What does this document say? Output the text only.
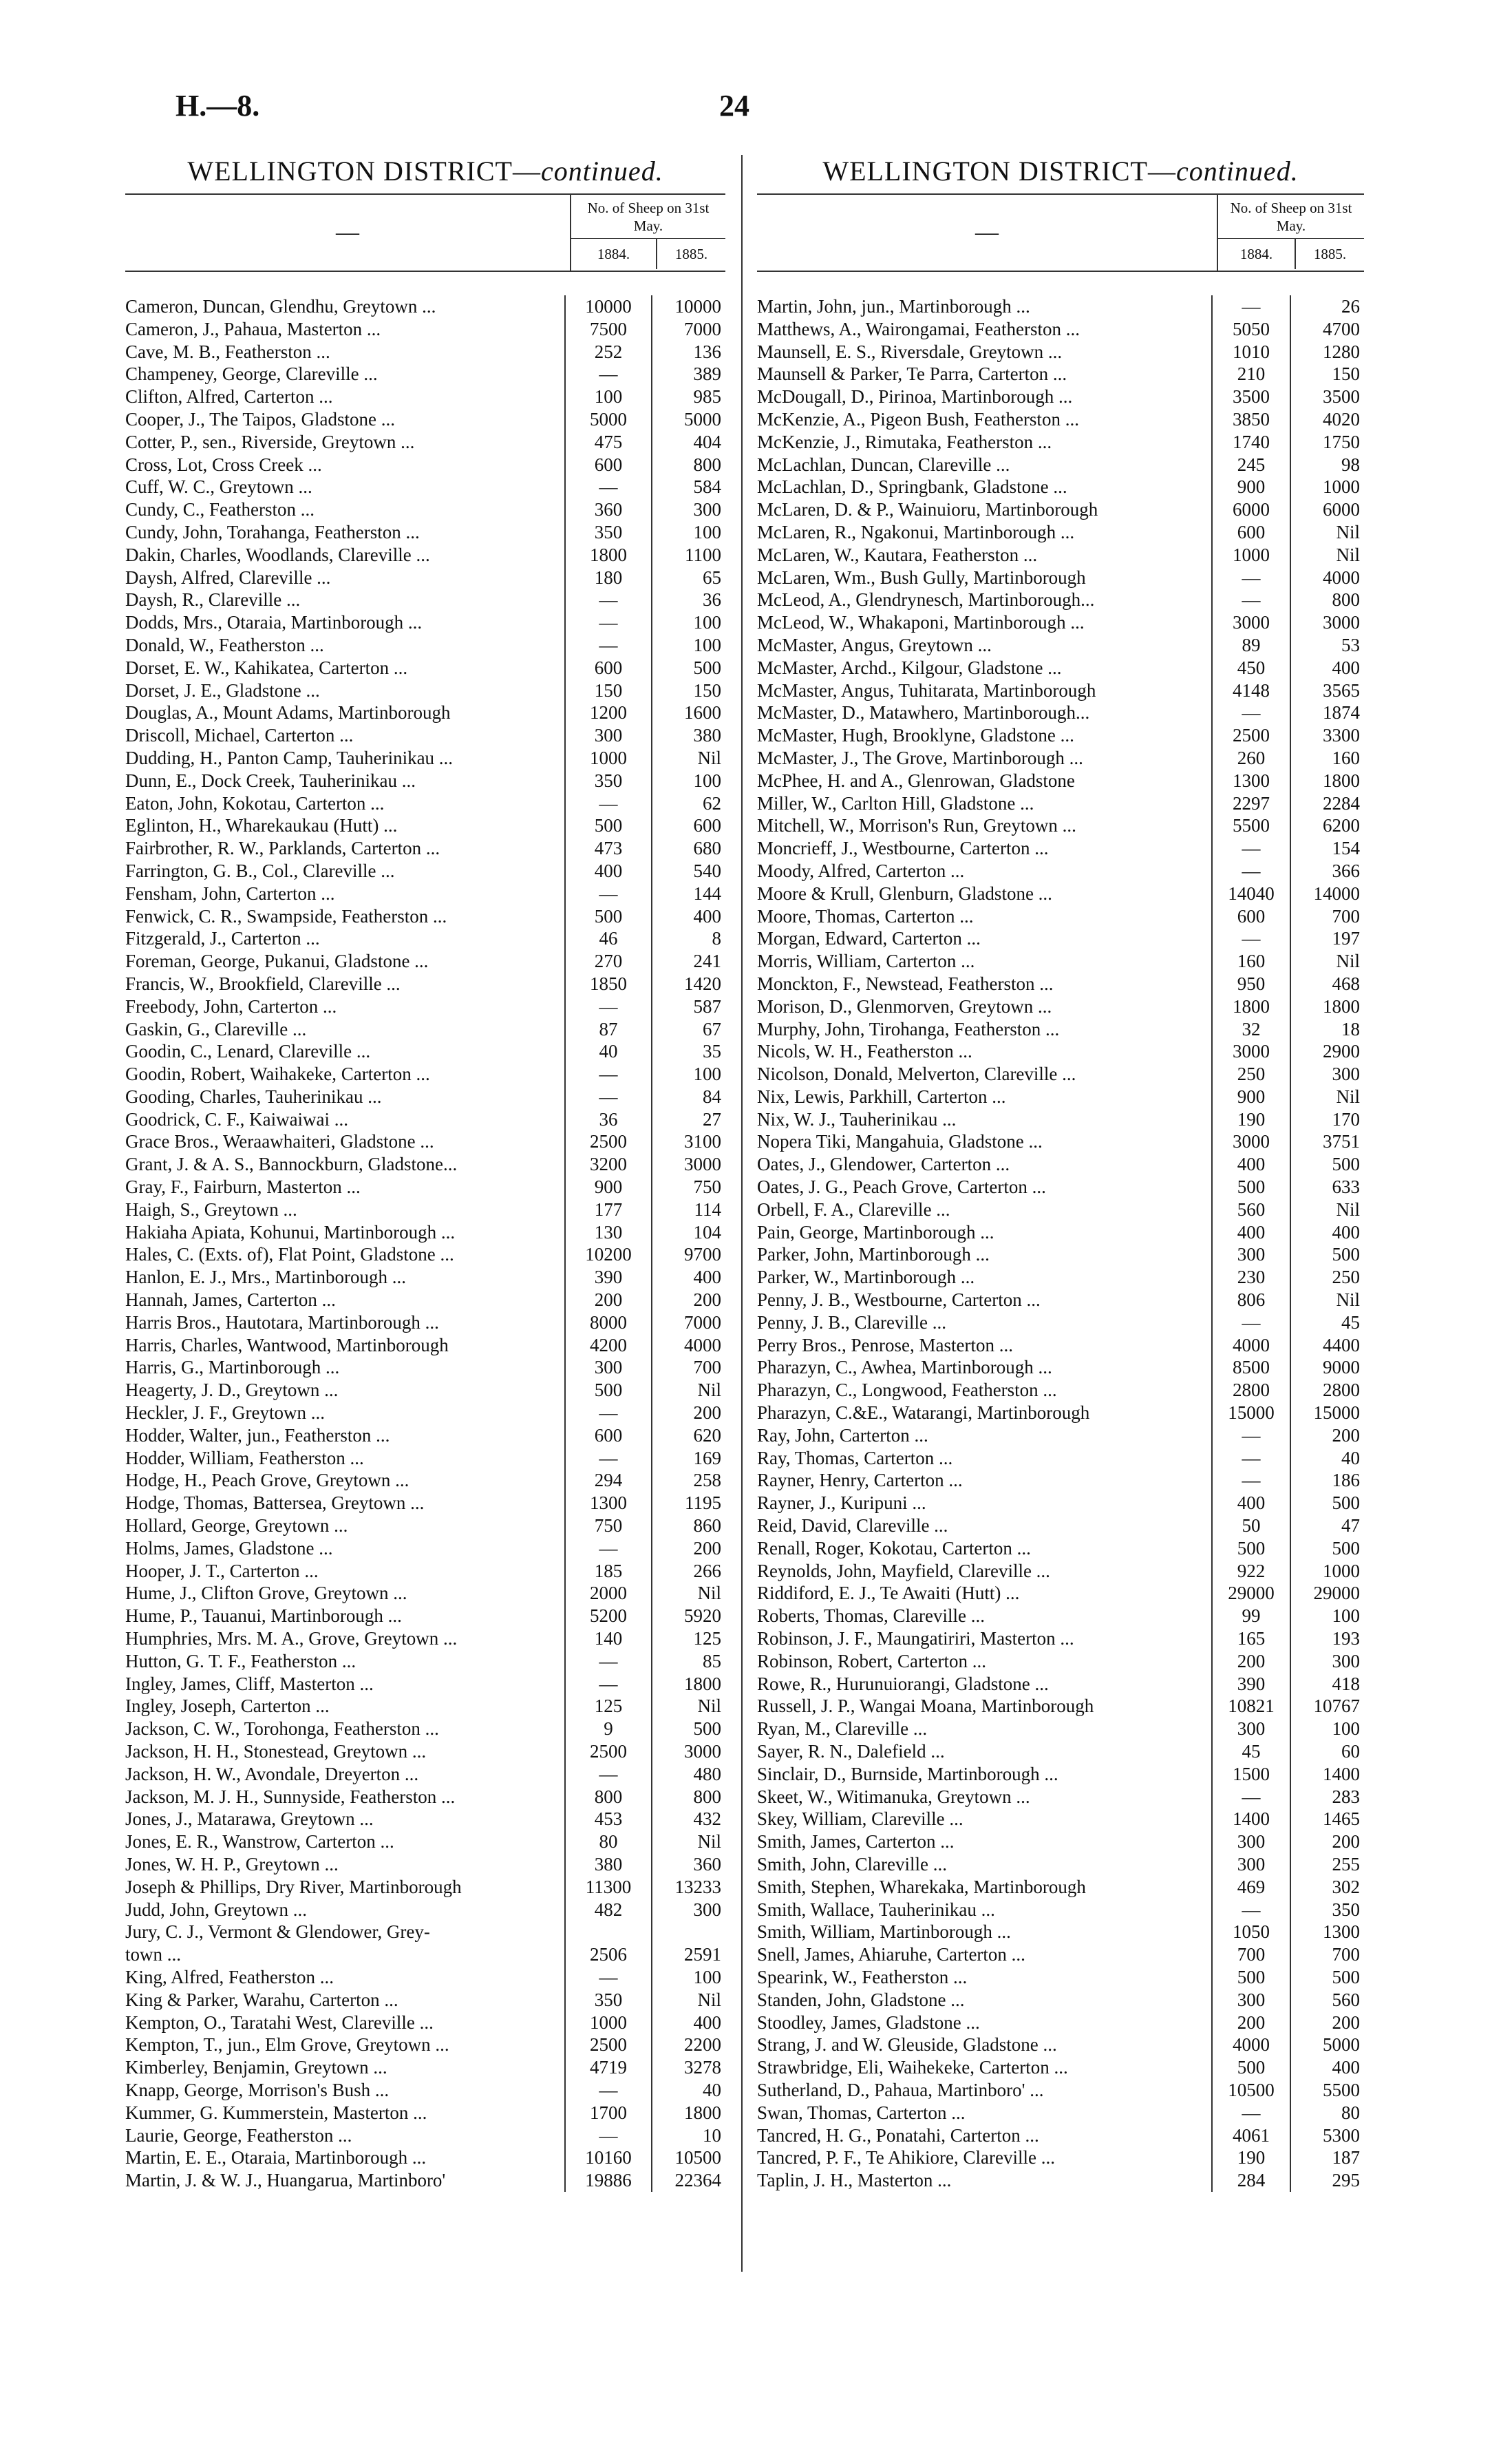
H.—8.	24
WELLINGTON DISTRICT—continued.
—
No. of Sheep on 31st May.
1884.	1885.
Cameron, Duncan, Glendhu, Greytown ...	10000	10000
Cameron, J., Pahaua, Masterton ...	7500	7000
Cave, M. B., Featherston ...	252	136
Champeney, George, Clareville ...	—	389
Clifton, Alfred, Carterton ...	100	985
Cooper, J., The Taipos, Gladstone ...	5000	5000
Cotter, P., sen., Riverside, Greytown ...	475	404
Cross, Lot, Cross Creek ...	600	800
Cuff, W. C., Greytown ...	—	584
Cundy, C., Featherston ...	360	300
Cundy, John, Torahanga, Featherston ...	350	100
Dakin, Charles, Woodlands, Clareville ...	1800	1100
Daysh, Alfred, Clareville ...	180	65
Daysh, R., Clareville ...	—	36
Dodds, Mrs., Otaraia, Martinborough ...	—	100
Donald, W., Featherston ...	—	100
Dorset, E. W., Kahikatea, Carterton ...	600	500
Dorset, J. E., Gladstone ...	150	150
Douglas, A., Mount Adams, Martinborough	1200	1600
Driscoll, Michael, Carterton ...	300	380
Dudding, H., Panton Camp, Tauherinikau ...	1000	Nil
Dunn, E., Dock Creek, Tauherinikau ...	350	100
Eaton, John, Kokotau, Carterton ...	—	62
Eglinton, H., Wharekaukau (Hutt) ...	500	600
Fairbrother, R. W., Parklands, Carterton ...	473	680
Farrington, G. B., Col., Clareville ...	400	540
Fensham, John, Carterton ...	—	144
Fenwick, C. R., Swampside, Featherston ...	500	400
Fitzgerald, J., Carterton ...	46	8
Foreman, George, Pukanui, Gladstone ...	270	241
Francis, W., Brookfield, Clareville ...	1850	1420
Freebody, John, Carterton ...	—	587
Gaskin, G., Clareville ...	87	67
Goodin, C., Lenard, Clareville ...	40	35
Goodin, Robert, Waihakeke, Carterton ...	—	100
Gooding, Charles, Tauherinikau ...	—	84
Goodrick, C. F., Kaiwaiwai ...	36	27
Grace Bros., Weraawhaiteri, Gladstone ...	2500	3100
Grant, J. & A. S., Bannockburn, Gladstone...	3200	3000
Gray, F., Fairburn, Masterton ...	900	750
Haigh, S., Greytown ...	177	114
Hakiaha Apiata, Kohunui, Martinborough ...	130	104
Hales, C. (Exts. of), Flat Point, Gladstone ...	10200	9700
Hanlon, E. J., Mrs., Martinborough ...	390	400
Hannah, James, Carterton ...	200	200
Harris Bros., Hautotara, Martinborough ...	8000	7000
Harris, Charles, Wantwood, Martinborough	4200	4000
Harris, G., Martinborough ...	300	700
Heagerty, J. D., Greytown ...	500	Nil
Heckler, J. F., Greytown ...	—	200
Hodder, Walter, jun., Featherston ...	600	620
Hodder, William, Featherston ...	—	169
Hodge, H., Peach Grove, Greytown ...	294	258
Hodge, Thomas, Battersea, Greytown ...	1300	1195
Hollard, George, Greytown ...	750	860
Holms, James, Gladstone ...	—	200
Hooper, J. T., Carterton ...	185	266
Hume, J., Clifton Grove, Greytown ...	2000	Nil
Hume, P., Tauanui, Martinborough ...	5200	5920
Humphries, Mrs. M. A., Grove, Greytown ...	140	125
Hutton, G. T. F., Featherston ...	—	85
Ingley, James, Cliff, Masterton ...	—	1800
Ingley, Joseph, Carterton ...	125	Nil
Jackson, C. W., Torohonga, Featherston ...	9	500
Jackson, H. H., Stonestead, Greytown ...	2500	3000
Jackson, H. W., Avondale, Dreyerton ...	—	480
Jackson, M. J. H., Sunnyside, Featherston ...	800	800
Jones, J., Matarawa, Greytown ...	453	432
Jones, E. R., Wanstrow, Carterton ...	80	Nil
Jones, W. H. P., Greytown ...	380	360
Joseph & Phillips, Dry River, Martinborough	11300	13233
Judd, John, Greytown ...	482	300
Jury, C. J., Vermont & Glendower, Grey-
town ...	2506	2591
King, Alfred, Featherston ...	—	100
King & Parker, Warahu, Carterton ...	350	Nil
Kempton, O., Taratahi West, Clareville ...	1000	400
Kempton, T., jun., Elm Grove, Greytown ...	2500	2200
Kimberley, Benjamin, Greytown ...	4719	3278
Knapp, George, Morrison's Bush ...	—	40
Kummer, G. Kummerstein, Masterton ...	1700	1800
Laurie, George, Featherston ...	—	10
Martin, E. E., Otaraia, Martinborough ...	10160	10500
Martin, J. & W. J., Huangarua, Martinboro'	19886	22364
WELLINGTON DISTRICT—continued.
—
No. of Sheep on 31st May.
1884.	1885.
Martin, John, jun., Martinborough ...	—	26
Matthews, A., Wairongamai, Featherston ...	5050	4700
Maunsell, E. S., Riversdale, Greytown ...	1010	1280
Maunsell & Parker, Te Parra, Carterton ...	210	150
McDougall, D., Pirinoa, Martinborough ...	3500	3500
McKenzie, A., Pigeon Bush, Featherston ...	3850	4020
McKenzie, J., Rimutaka, Featherston ...	1740	1750
McLachlan, Duncan, Clareville ...	245	98
McLachlan, D., Springbank, Gladstone ...	900	1000
McLaren, D. & P., Wainuioru, Martinborough	6000	6000
McLaren, R., Ngakonui, Martinborough ...	600	Nil
McLaren, W., Kautara, Featherston ...	1000	Nil
McLaren, Wm., Bush Gully, Martinborough	—	4000
McLeod, A., Glendrynesch, Martinborough...	—	800
McLeod, W., Whakaponi, Martinborough ...	3000	3000
McMaster, Angus, Greytown ...	89	53
McMaster, Archd., Kilgour, Gladstone ...	450	400
McMaster, Angus, Tuhitarata, Martinborough	4148	3565
McMaster, D., Matawhero, Martinborough...	—	1874
McMaster, Hugh, Brooklyne, Gladstone ...	2500	3300
McMaster, J., The Grove, Martinborough ...	260	160
McPhee, H. and A., Glenrowan, Gladstone	1300	1800
Miller, W., Carlton Hill, Gladstone ...	2297	2284
Mitchell, W., Morrison's Run, Greytown ...	5500	6200
Moncrieff, J., Westbourne, Carterton ...	—	154
Moody, Alfred, Carterton ...	—	366
Moore & Krull, Glenburn, Gladstone ...	14040	14000
Moore, Thomas, Carterton ...	600	700
Morgan, Edward, Carterton ...	—	197
Morris, William, Carterton ...	160	Nil
Monckton, F., Newstead, Featherston ...	950	468
Morison, D., Glenmorven, Greytown ...	1800	1800
Murphy, John, Tirohanga, Featherston ...	32	18
Nicols, W. H., Featherston ...	3000	2900
Nicolson, Donald, Melverton, Clareville ...	250	300
Nix, Lewis, Parkhill, Carterton ...	900	Nil
Nix, W. J., Tauherinikau ...	190	170
Nopera Tiki, Mangahuia, Gladstone ...	3000	3751
Oates, J., Glendower, Carterton ...	400	500
Oates, J. G., Peach Grove, Carterton ...	500	633
Orbell, F. A., Clareville ...	560	Nil
Pain, George, Martinborough ...	400	400
Parker, John, Martinborough ...	300	500
Parker, W., Martinborough ...	230	250
Penny, J. B., Westbourne, Carterton ...	806	Nil
Penny, J. B., Clareville ...	—	45
Perry Bros., Penrose, Masterton ...	4000	4400
Pharazyn, C., Awhea, Martinborough ...	8500	9000
Pharazyn, C., Longwood, Featherston ...	2800	2800
Pharazyn, C.&E., Watarangi, Martinborough	15000	15000
Ray, John, Carterton ...	—	200
Ray, Thomas, Carterton ...	—	40
Rayner, Henry, Carterton ...	—	186
Rayner, J., Kuripuni ...	400	500
Reid, David, Clareville ...	50	47
Renall, Roger, Kokotau, Carterton ...	500	500
Reynolds, John, Mayfield, Clareville ...	922	1000
Riddiford, E. J., Te Awaiti (Hutt) ...	29000	29000
Roberts, Thomas, Clareville ...	99	100
Robinson, J. F., Maungatiriri, Masterton ...	165	193
Robinson, Robert, Carterton ...	200	300
Rowe, R., Hurunuiorangi, Gladstone ...	390	418
Russell, J. P., Wangai Moana, Martinborough	10821	10767
Ryan, M., Clareville ...	300	100
Sayer, R. N., Dalefield ...	45	60
Sinclair, D., Burnside, Martinborough ...	1500	1400
Skeet, W., Witimanuka, Greytown ...	—	283
Skey, William, Clareville ...	1400	1465
Smith, James, Carterton ...	300	200
Smith, John, Clareville ...	300	255
Smith, Stephen, Wharekaka, Martinborough	469	302
Smith, Wallace, Tauherinikau ...	—	350
Smith, William, Martinborough ...	1050	1300
Snell, James, Ahiaruhe, Carterton ...	700	700
Spearink, W., Featherston ...	500	500
Standen, John, Gladstone ...	300	560
Stoodley, James, Gladstone ...	200	200
Strang, J. and W. Gleuside, Gladstone ...	4000	5000
Strawbridge, Eli, Waihekeke, Carterton ...	500	400
Sutherland, D., Pahaua, Martinboro' ...	10500	5500
Swan, Thomas, Carterton ...	—	80
Tancred, H. G., Ponatahi, Carterton ...	4061	5300
Tancred, P. F., Te Ahikiore, Clareville ...	190	187
Taplin, J. H., Masterton ...	284	295
